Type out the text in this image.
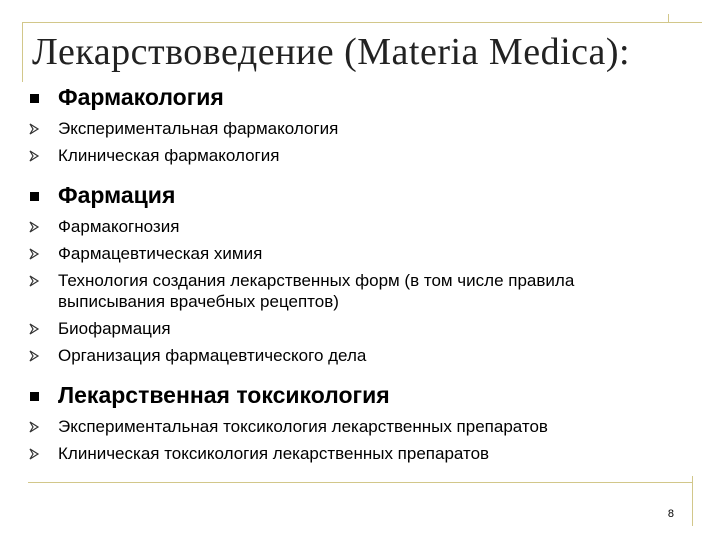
Лекарствоведение (Materia Medica):
Фармакология
Экспериментальная фармакология
Клиническая фармакология
Фармация
Фармакогнозия
Фармацевтическая химия
Технология создания лекарственных форм (в том числе правила
выписывания врачебных рецептов)
Биофармация
Организация фармацевтического дела
Лекарственная токсикология
Экспериментальная токсикология лекарственных препаратов
Клиническая токсикология лекарственных препаратов
8
